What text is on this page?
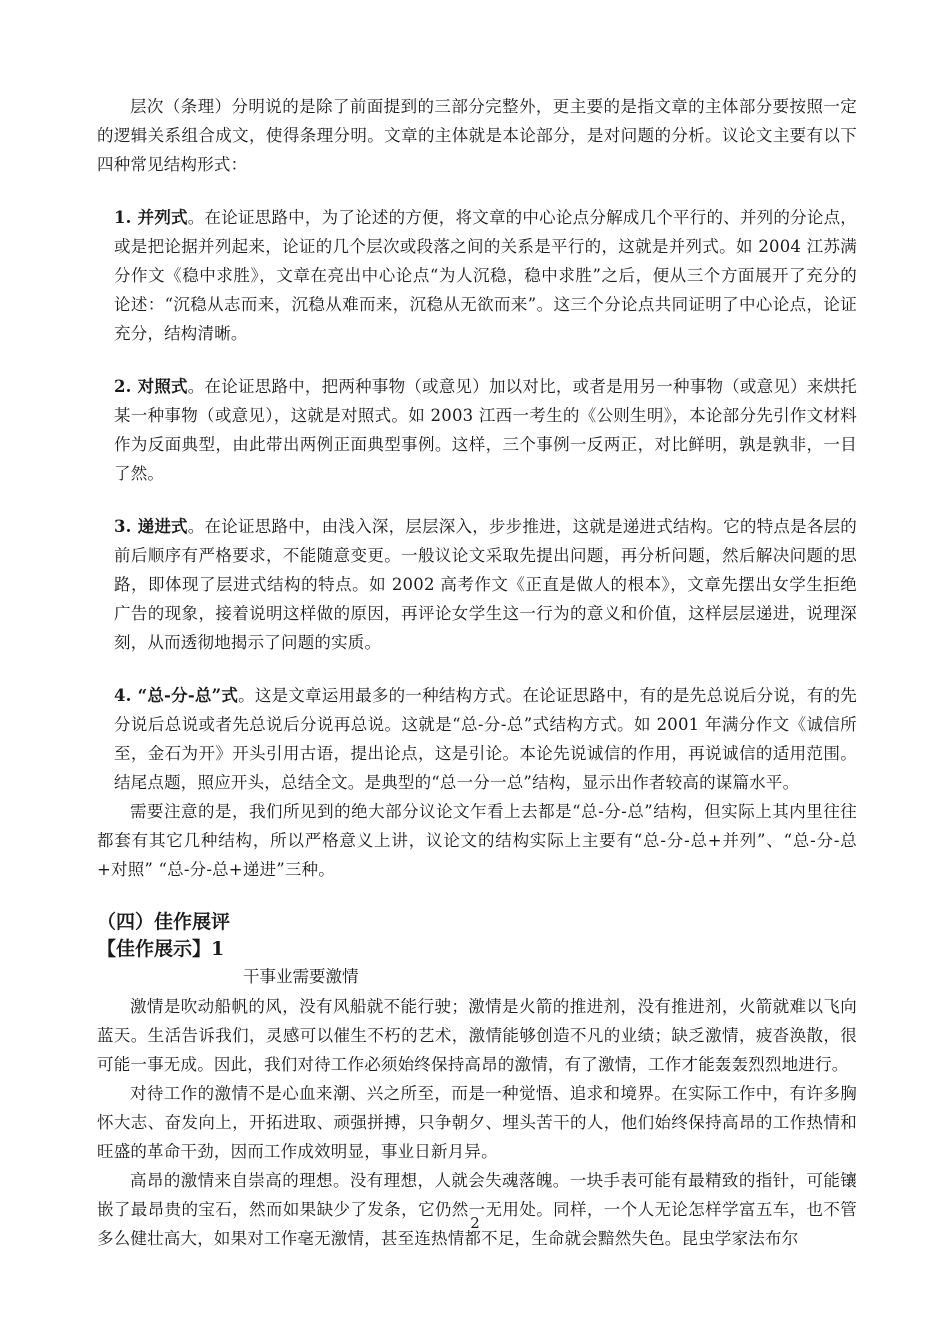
层次（条理）分明说的是除了前面提到的三部分完整外，更主要的是指文章的主体部分要按照一定的逻辑关系组合成文，使得条理分明。文章的主体就是本论部分，是对问题的分析。议论文主要有以下四种常见结构形式：

1. 并列式。在论证思路中，为了论述的方便，将文章的中心论点分解成几个平行的、并列的分论点，或是把论据并列起来，论证的几个层次或段落之间的关系是平行的，这就是并列式。如 2004 江苏满分作文《稳中求胜》，文章在亮出中心论点“为人沉稳，稳中求胜”之后，便从三个方面展开了充分的论述：“沉稳从志而来，沉稳从难而来，沉稳从无欲而来”。这三个分论点共同证明了中心论点，论证充分，结构清晰。

2. 对照式。在论证思路中，把两种事物（或意见）加以对比，或者是用另一种事物（或意见）来烘托某一种事物（或意见），这就是对照式。如 2003 江西一考生的《公则生明》，本论部分先引作文材料作为反面典型，由此带出两例正面典型事例。这样，三个事例一反两正，对比鲜明，孰是孰非，一目了然。

3. 递进式。在论证思路中，由浅入深，层层深入，步步推进，这就是递进式结构。它的特点是各层的前后顺序有严格要求，不能随意变更。一般议论文采取先提出问题，再分析问题，然后解决问题的思路，即体现了层进式结构的特点。如 2002 高考作文《正直是做人的根本》，文章先摆出女学生拒绝广告的现象，接着说明这样做的原因，再评论女学生这一行为的意义和价值，这样层层递进，说理深刻，从而透彻地揭示了问题的实质。

4. “总-分-总”式。这是文章运用最多的一种结构方式。在论证思路中，有的是先总说后分说，有的先分说后总说或者先总说后分说再总说。这就是“总-分-总”式结构方式。如 2001 年满分作文《诚信所至，金石为开》开头引用古语，提出论点，这是引论。本论先说诚信的作用，再说诚信的适用范围。结尾点题，照应开头，总结全文。是典型的“总一分一总”结构，显示出作者较高的谋篇水平。

需要注意的是，我们所见到的绝大部分议论文乍看上去都是“总-分-总”结构，但实际上其内里往往都套有其它几种结构，所以严格意义上讲，议论文的结构实际上主要有“总-分-总+并列”、“总-分-总+对照” “总-分-总+递进”三种。

（四）佳作展评
【佳作展示】1
干事业需要激情

激情是吹动船帆的风，没有风船就不能行驶；激情是火箭的推进剂，没有推进剂，火箭就难以飞向蓝天。生活告诉我们，灵感可以催生不朽的艺术，激情能够创造不凡的业绩；缺乏激情，疲沓涣散，很可能一事无成。因此，我们对待工作必须始终保持高昂的激情，有了激情，工作才能轰轰烈烈地进行。

对待工作的激情不是心血来潮、兴之所至，而是一种觉悟、追求和境界。在实际工作中，有许多胸怀大志、奋发向上，开拓进取、顽强拼搏，只争朝夕、埋头苦干的人，他们始终保持高昂的工作热情和旺盛的革命干劲，因而工作成效明显，事业日新月异。

高昂的激情来自崇高的理想。没有理想，人就会失魂落魄。一块手表可能有最精致的指针，可能镶嵌了最昂贵的宝石，然而如果缺少了发条，它仍然一无用处。同样，一个人无论怎样学富五车，也不管多么健壮高大，如果对工作毫无激情，甚至连热情都不足，生命就会黯然失色。昆虫学家法布尔

2
